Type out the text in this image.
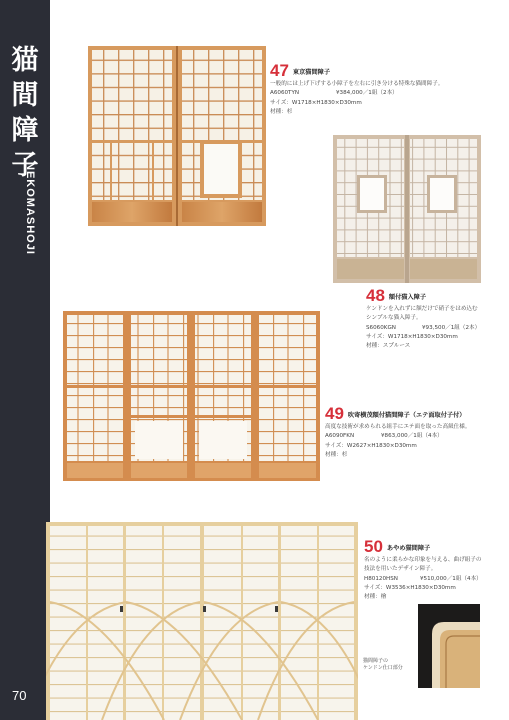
猫
間
障
子
NEKOMASHOJI
70
47 東京猫間障子
一般的には上げ下げする小障子を左右に引き分ける特殊な猫間障子。
A6060TYN	¥384,000／1組（2本）
サイズ：W1718×H1830×D30mm
材種：杉
48 額付猫入障子
ケンドンを入れずに額だけで硝子をはめ込む
シンプルな猫入障子。
S6060KGN	¥93,500／1組（2本）
サイズ：W1718×H1830×D30mm
材種：スプルース
49 吹寄横茂額付猫間障子（エテ面取付子付）
高度な技術が求められる組手にエテ面を取った高級仕様。
A6090FKN	¥863,000／1組（4本）
サイズ：W2627×H1830×D30mm
材種：杉
50 あやめ猫間障子
名のように柔らかな印象を与える、曲げ組子の
技法を用いたデザイン障子。
H80120HSN	¥510,000／1組（4本）
サイズ：W3536×H1830×D30mm
材種：檜
猫間障子の
ケンドン仕口部分
